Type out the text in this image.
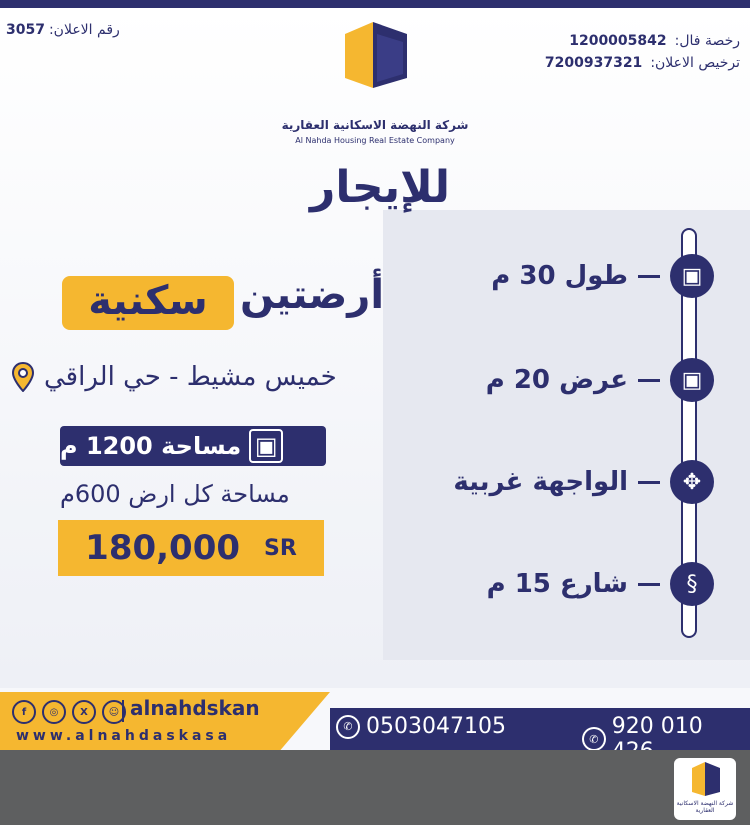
رقم الاعلان:
3057
رخصة فال:
1200005842
ترخيص الاعلان:
7200937321
شركة النهضة الاسكانية العقارية
Al Nahda Housing Real Estate Company
للإيجار
أرضتين
سكنية
خميس مشيط - حي الراقي
▣
مساحة 1200 م
مساحة كل ارض 600م
180,000 SR
▣
طول 30 م
▣
عرض 20 م
✥
الواجهة غربية
§
شارع 15 م
f	◎	X	☺ alnahdskan
www.alnahdaskasa
✆ 0503047105	✆ 920 010
شركة النهضة الاسكانية العقارية
